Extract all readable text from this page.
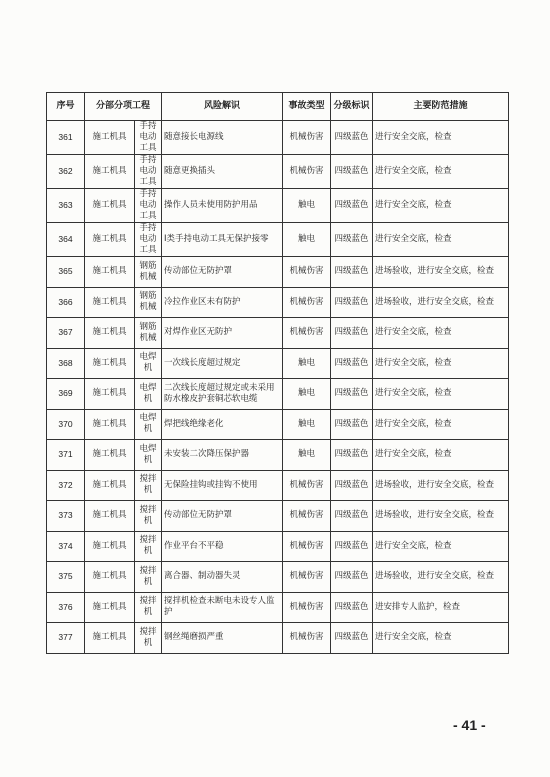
序号	分部分项工程		风险解识	事故类型	分级标识	主要防范措施
361	施工机具	手持电动工具	随意接长电源线	机械伤害	四级蓝色	进行安全交底，检查
362	施工机具	手持电动工具	随意更换插头	机械伤害	四级蓝色	进行安全交底，检查
363	施工机具	手持电动工具	操作人员未使用防护用品	触电	四级蓝色	进行安全交底，检查
364	施工机具	手持电动工具	Ⅰ类手持电动工具无保护接零	触电	四级蓝色	进行安全交底，检查
365	施工机具	钢筋机械	传动部位无防护罩	机械伤害	四级蓝色	进场验收，进行安全交底，检查
366	施工机具	钢筋机械	冷拉作业区未有防护	机械伤害	四级蓝色	进场验收，进行安全交底，检查
367	施工机具	钢筋机械	对焊作业区无防护	机械伤害	四级蓝色	进行安全交底，检查
368	施工机具	电焊机	一次线长度超过规定	触电	四级蓝色	进行安全交底，检查
369	施工机具	电焊机	二次线长度超过规定或未采用防水橡皮护套铜芯软电缆	触电	四级蓝色	进行安全交底，检查
370	施工机具	电焊机	焊把线绝缘老化	触电	四级蓝色	进行安全交底，检查
371	施工机具	电焊机	未安装二次降压保护器	触电	四级蓝色	进行安全交底，检查
372	施工机具	搅拌机	无保险挂钩或挂钩不使用	机械伤害	四级蓝色	进场验收，进行安全交底，检查
373	施工机具	搅拌机	传动部位无防护罩	机械伤害	四级蓝色	进场验收，进行安全交底，检查
374	施工机具	搅拌机	作业平台不平稳	机械伤害	四级蓝色	进行安全交底，检查
375	施工机具	搅拌机	离合器、制动器失灵	机械伤害	四级蓝色	进场验收，进行安全交底，检查
376	施工机具	搅拌机	搅拌机检查未断电未设专人监护	机械伤害	四级蓝色	进安排专人监护，检查
377	施工机具	搅拌机	钢丝绳磨损严重	机械伤害	四级蓝色	进行安全交底，检查
- 41 -
